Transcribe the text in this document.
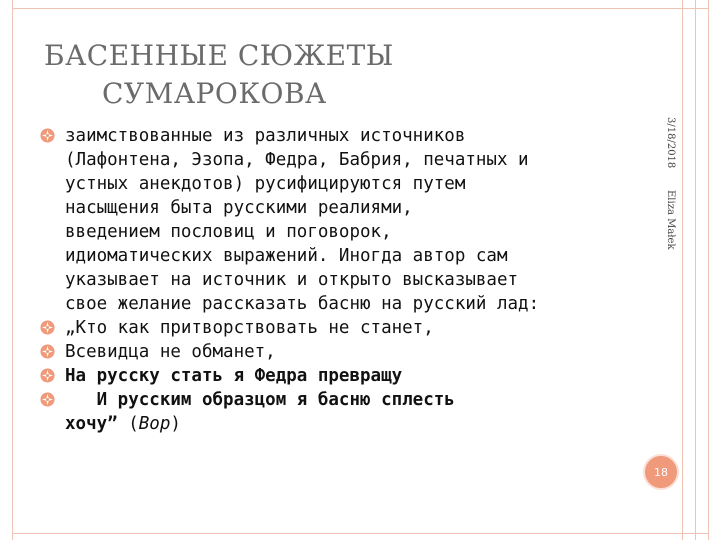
БАСЕННЫЕ СЮЖЕТЫ
СУМАРОКОВА
заимствованные из различных источников
(Лафонтена, Эзопа, Федра, Бабрия, печатных и
устных анекдотов) русифицируются путем
насыщения быта русскими реалиями,
введением пословиц и поговорок,
идиоматических выражений. Иногда автор сам
указывает на источник и открыто высказывает
свое желание рассказать басню на русский лад:
„Кто как притворствовать не станет,
Всевидца не обманет,
На русску стать я Федра превращу
И русским образцом я басню сплесть
хочу” (Вор)
3/18/2018
Eliza Małek
18
